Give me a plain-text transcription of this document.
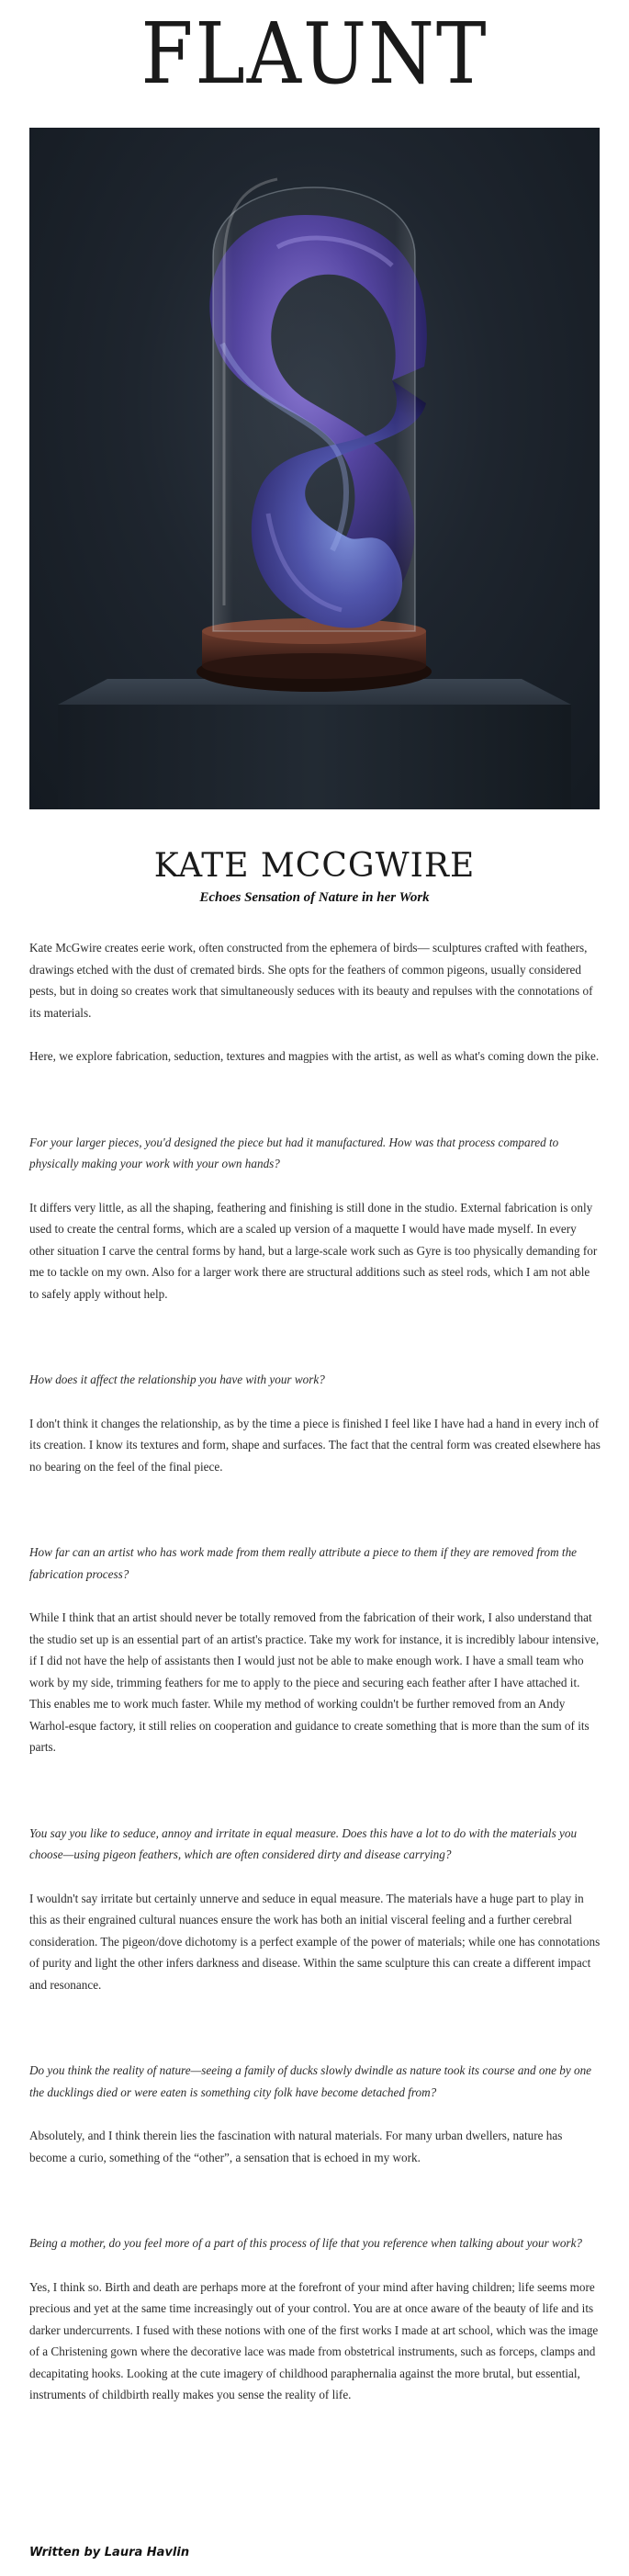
FLAUNT
KATE MCCGWIRE
Echoes Sensation of Nature in her Work

Kate McGwire creates eerie work, often constructed from the ephemera of birds— sculptures crafted with feathers, drawings etched with the dust of cremated birds. She opts for the feathers of common pigeons, usually considered pests, but in doing so creates work that simultaneously seduces with its beauty and repulses with the connotations of its materials.

Here, we explore fabrication, seduction, textures and magpies with the artist, as well as what's coming down the pike.

For your larger pieces, you'd designed the piece but had it manufactured. How was that process compared to physically making your work with your own hands?

It differs very little, as all the shaping, feathering and finishing is still done in the studio. External fabrication is only used to create the central forms, which are a scaled up version of a maquette I would have made myself. In every other situation I carve the central forms by hand, but a large-scale work such as Gyre is too physically demanding for me to tackle on my own. Also for a larger work there are structural additions such as steel rods, which I am not able to safely apply without help.

How does it affect the relationship you have with your work?

I don't think it changes the relationship, as by the time a piece is finished I feel like I have had a hand in every inch of its creation. I know its textures and form, shape and surfaces. The fact that the central form was created elsewhere has no bearing on the feel of the final piece.

How far can an artist who has work made from them really attribute a piece to them if they are removed from the fabrication process?

While I think that an artist should never be totally removed from the fabrication of their work, I also understand that the studio set up is an essential part of an artist's practice. Take my work for instance, it is incredibly labour intensive, if I did not have the help of assistants then I would just not be able to make enough work. I have a small team who work by my side, trimming feathers for me to apply to the piece and securing each feather after I have attached it. This enables me to work much faster. While my method of working couldn't be further removed from an Andy Warhol-esque factory, it still relies on cooperation and guidance to create something that is more than the sum of its parts.

You say you like to seduce, annoy and irritate in equal measure. Does this have a lot to do with the materials you choose—using pigeon feathers, which are often considered dirty and disease carrying?

I wouldn't say irritate but certainly unnerve and seduce in equal measure. The materials have a huge part to play in this as their engrained cultural nuances ensure the work has both an initial visceral feeling and a further cerebral consideration. The pigeon/dove dichotomy is a perfect example of the power of materials; while one has connotations of purity and light the other infers darkness and disease. Within the same sculpture this can create a different impact and resonance.

Do you think the reality of nature—seeing a family of ducks slowly dwindle as nature took its course and one by one the ducklings died or were eaten is something city folk have become detached from?

Absolutely, and I think therein lies the fascination with natural materials. For many urban dwellers, nature has become a curio, something of the “other”, a sensation that is echoed in my work.

Being a mother, do you feel more of a part of this process of life that you reference when talking about your work?

Yes, I think so. Birth and death are perhaps more at the forefront of your mind after having children; life seems more precious and yet at the same time increasingly out of your control. You are at once aware of the beauty of life and its darker undercurrents. I fused with these notions with one of the first works I made at art school, which was the image of a Christening gown where the decorative lace was made from obstetrical instruments, such as forceps, clamps and decapitating hooks. Looking at the cute imagery of childhood paraphernalia against the more brutal, but essential, instruments of childbirth really makes you sense the reality of life.

Written by Laura Havlin
